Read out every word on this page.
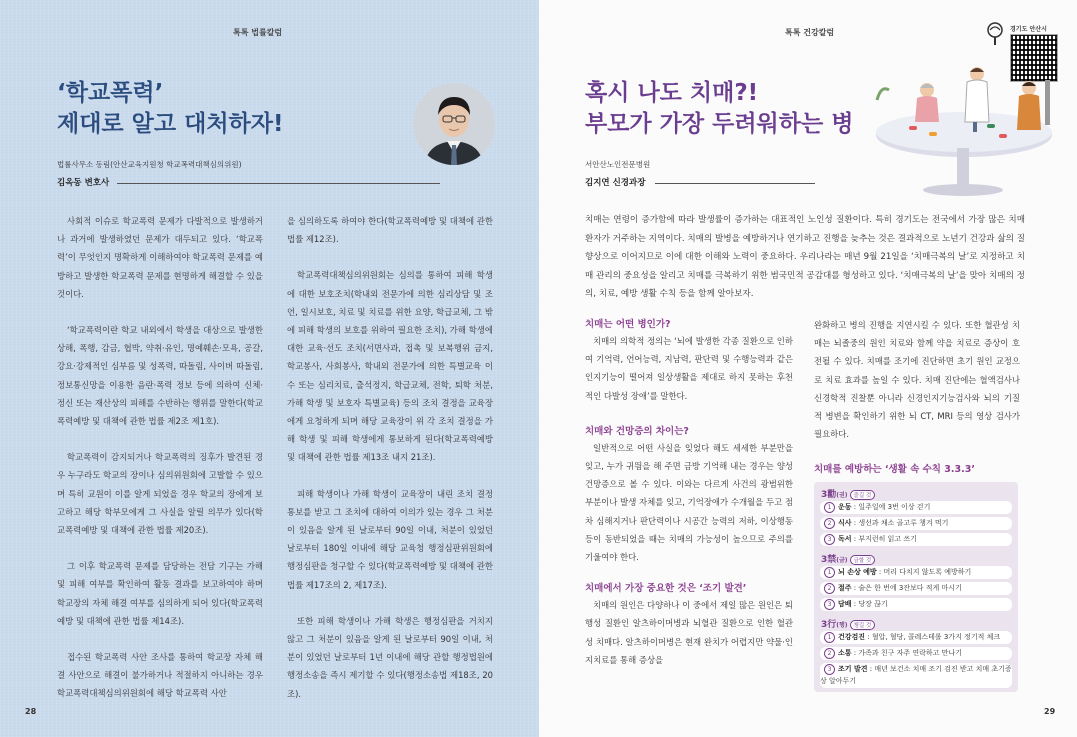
톡톡 법률칼럼
‘학교폭력’
제대로 알고 대처하자!
법률사무소 동림(안산교육지원청 학교폭력대책심의위원)
김옥동 변호사

사회적 이슈로 학교폭력 문제가 다발적으로 발생하거나 과거에 발생하였던 문제가 대두되고 있다. ‘학교폭력’이 무엇인지 명확하게 이해하여야 학교폭력 문제를 예방하고 발생한 학교폭력 문제를 현명하게 해결할 수 있을 것이다.

‘학교폭력이란 학교 내외에서 학생을 대상으로 발생한 상해, 폭행, 감금, 협박, 약취·유인, 명예훼손·모욕, 공갈, 강요·강제적인 심부름 및 성폭력, 따돌림, 사이버 따돌림, 정보통신망을 이용한 음란·폭력 정보 등에 의하여 신체·정신 또는 재산상의 피해를 수반하는 행위를 말한다(학교폭력예방 및 대책에 관한 법률 제2조 제1호).

학교폭력이 감지되거나 학교폭력의 징후가 발견된 경우 누구라도 학교의 장이나 심의위원회에 고발할 수 있으며 특히 교원이 이를 알게 되었을 경우 학교의 장에게 보고하고 해당 학부모에게 그 사실을 알릴 의무가 있다(학교폭력예방 및 대책에 관한 법률 제20조).

그 이후 학교폭력 문제를 담당하는 전담 기구는 가해 및 피해 여부를 확인하여 활동 결과를 보고하여야 하며 학교장의 자체 해결 여부를 심의하게 되어 있다(학교폭력예방 및 대책에 관한 법률 제14조).

접수된 학교폭력 사안 조사를 통하여 학교장 자체 해결 사안으로 해결이 불가하거나 적절하지 아니하는 경우 학교폭력대책심의위원회에 해당 학교폭력 사안

을 심의하도록 하여야 한다(학교폭력예방 및 대책에 관한 법률 제12조).

학교폭력대책심의위원회는 심의를 통하여 피해 학생에 대한 보호조치(학내외 전문가에 의한 심리상담 및 조언, 일시보호, 치료 및 치료를 위한 요양, 학급교체, 그 밖에 피해 학생의 보호를 위하여 필요한 조치), 가해 학생에 대한 교육·선도 조치(서면사과, 접촉 및 보복행위 금지, 학교봉사, 사회봉사, 학내외 전문가에 의한 특별교육 이수 또는 심리치료, 출석정지, 학급교체, 전학, 퇴학 처분, 가해 학생 및 보호자 특별교육) 등의 조치 결정을 교육장에게 요청하게 되며 해당 교육장이 위 각 조치 결정을 가해 학생 및 피해 학생에게 통보하게 된다(학교폭력예방 및 대책에 관한 법률 제13조 내지 21조).

피해 학생이나 가해 학생이 교육장이 내린 조치 결정 통보를 받고 그 조치에 대하여 이의가 있는 경우 그 처분이 있음을 알게 된 날로부터 90일 이내, 처분이 있었던 날로부터 180일 이내에 해당 교육청 행정심판위원회에 행정심판을 청구할 수 있다(학교폭력예방 및 대책에 관한 법률 제17조의 2, 제17조).

또한 피해 학생이나 가해 학생은 행정심판을 거치지 않고 그 처분이 있음을 알게 된 날로부터 90일 이내, 처분이 있었던 날로부터 1년 이내에 해당 관할 행정법원에 행정소송을 즉시 제기할 수 있다(행정소송법 제18조, 20조).

28
톡톡 건강칼럼	경기도 안산시
혹시 나도 치매?!
부모가 가장 두려워하는 병
서안산노인전문병원
김지연 신경과장
치매는 연령이 증가함에 따라 발생률이 증가하는 대표적인 노인성 질환이다. 특히 경기도는 전국에서 가장 많은 치매 환자가 거주하는 지역이다. 치매의 발병을 예방하거나 연기하고 진행을 늦추는 것은 결과적으로 노년기 건강과 삶의 질 향상으로 이어지므로 이에 대한 이해와 노력이 중요하다. 우리나라는 매년 9월 21일을 ‘치매극복의 날’로 지정하고 치매 관리의 중요성을 알리고 치매를 극복하기 위한 범국민적 공감대를 형성하고 있다. ‘치매극복의 날’을 맞아 치매의 정의, 치료, 예방 생활 수칙 등을 함께 알아보자.
치매는 어떤 병인가?
치매의 의학적 정의는 ‘뇌에 발생한 각종 질환으로 인하여 기억력, 언어능력, 지남력, 판단력 및 수행능력과 같은 인지기능이 떨어져 일상생활을 제대로 하지 못하는 후천적인 다발성 장애’를 말한다.
치매와 건망증의 차이는?
일반적으로 어떤 사실을 잊었다 해도 세세한 부분만을 잊고, 누가 귀띔을 해 주면 금방 기억해 내는 경우는 양성 건망증으로 볼 수 있다. 이와는 다르게 사건의 광범위한 부분이나 발생 자체를 잊고, 기억장애가 수개월을 두고 점차 심해지거나 판단력이나 시공간 능력의 저하, 이상행동 등이 동반되었을 때는 치매의 가능성이 높으므로 주의를 기울여야 한다.
치매에서 가장 중요한 것은 ‘조기 발견’
치매의 원인은 다양하나 이 중에서 제일 많은 원인은 퇴행성 질환인 알츠하이머병과 뇌혈관 질환으로 인한 혈관성 치매다. 알츠하이머병은 현재 완치가 어렵지만 약물·인지치료를 통해 증상을
완화하고 병의 진행을 지연시킬 수 있다. 또한 혈관성 치매는 뇌졸중의 원인 치료와 함께 약을 치료로 증상이 호전될 수 있다. 치매를 조기에 진단하면 초기 원인 교정으로 치료 효과를 높일 수 있다. 치매 진단에는 혈액검사나 신경학적 진찰뿐 아니라 신경인지기능검사와 뇌의 기질적 병변을 확인하기 위한 뇌 CT, MRI 등의 영상 검사가 필요하다.
치매를 예방하는 ‘생활 속 수칙 3.3.3’
3勸(권) 즐길 것
1 운동 : 일주일에 3번 이상 걷기
2 식사 : 생선과 채소 골고루 챙겨 먹기
3 독서 : 부지런히 읽고 쓰기
3禁(금) 금할 것
1 뇌 손상 예방 : 머리 다치지 않도록 예방하기
2 절주 : 술은 한 번에 3잔보다 적게 마시기
3 담배 : 당장 끊기
3行(행) 챙길 것
1 건강검진 : 혈압, 혈당, 콜레스테롤 3가지 정기적 체크
2 소통 : 가족과 친구 자주 연락하고 만나기
3 조기 발견 : 매년 보건소 치매 조기 검진 받고 치매 초기증상 알아두기
29
